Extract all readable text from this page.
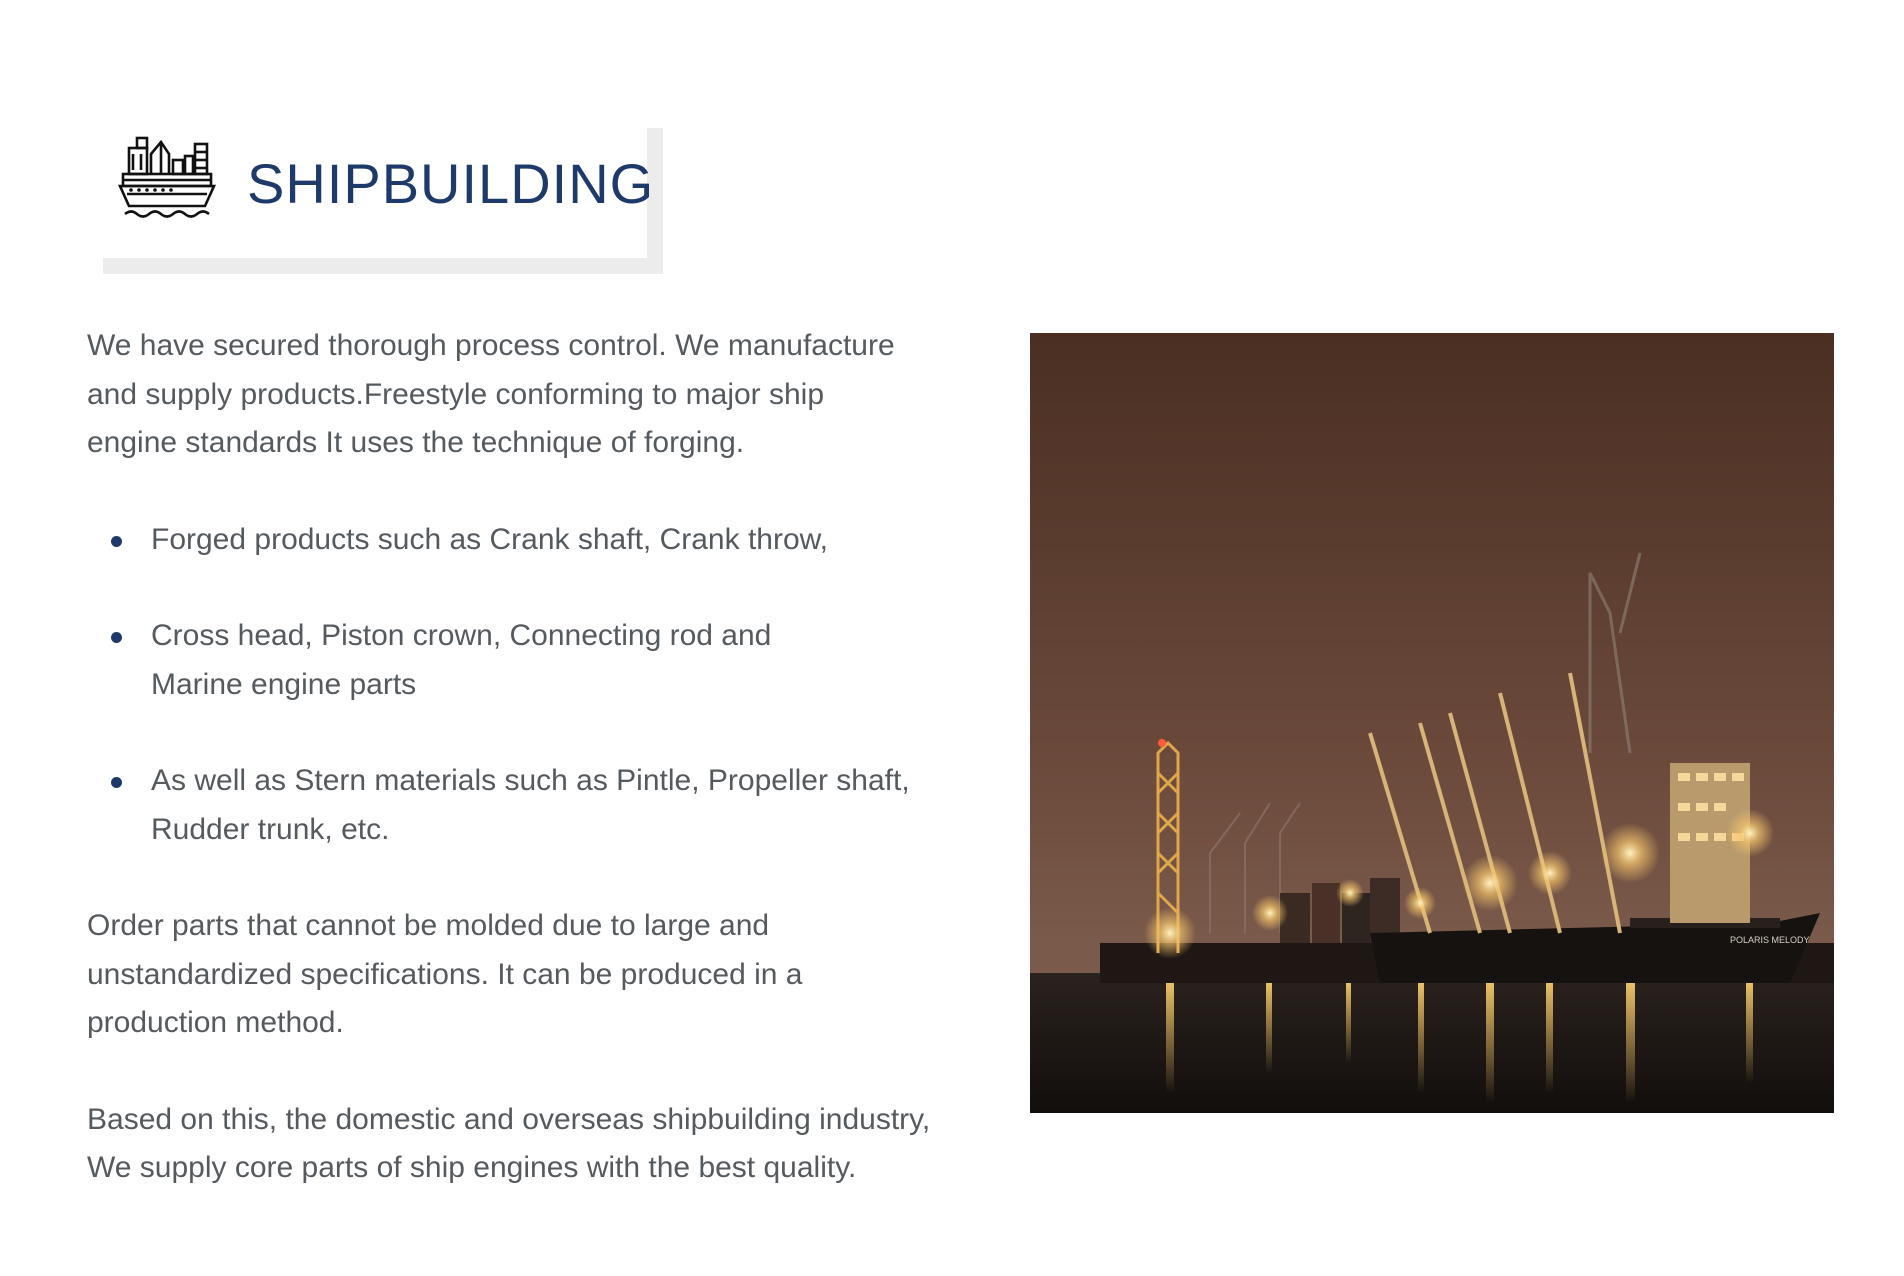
SHIPBUILDING

We have secured thorough process control. We manufacture
and supply products.Freestyle conforming to major ship
engine standards It uses the technique of forging.

Forged products such as Crank shaft, Crank throw,
Cross head, Piston crown, Connecting rod and
Marine engine parts
As well as Stern materials such as Pintle, Propeller shaft,
Rudder trunk, etc.

Order parts that cannot be molded due to large and
unstandardized specifications. It can be produced in a
production method.

Based on this, the domestic and overseas shipbuilding industry,
We supply core parts of ship engines with the best quality.

POLARIS MELODY
